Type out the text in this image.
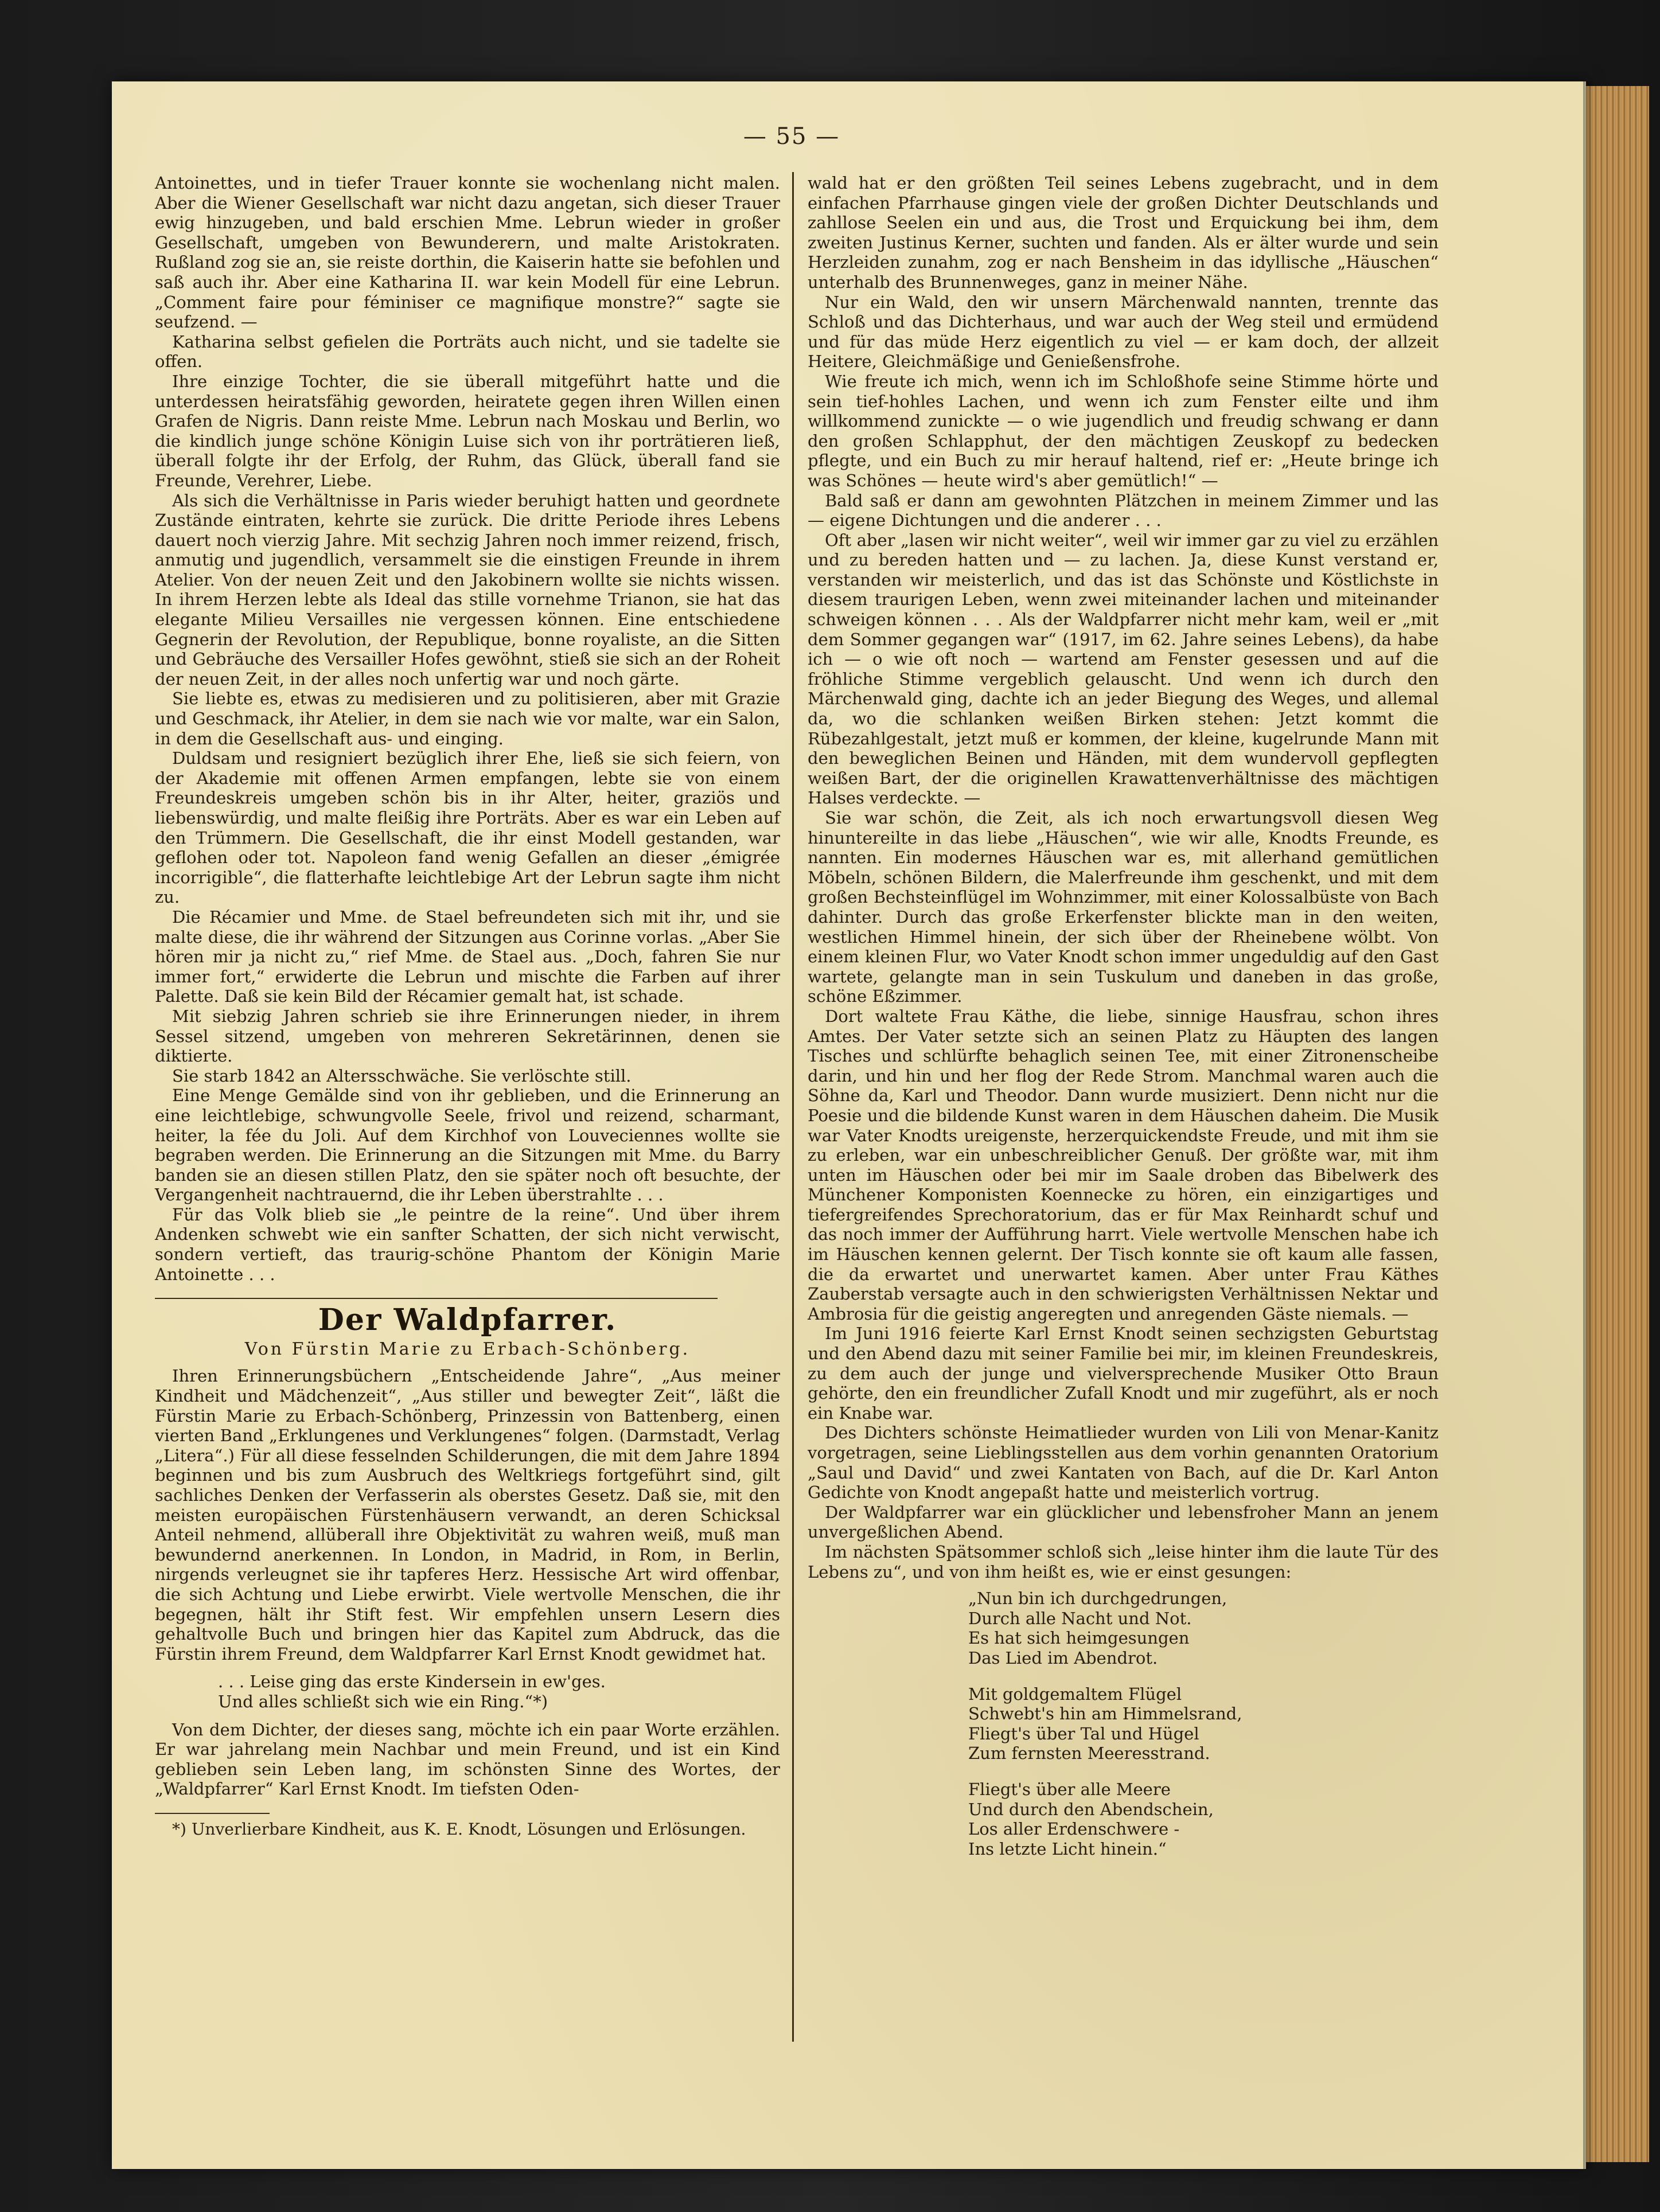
— 55 —

Antoinettes, und in tiefer Trauer konnte sie wochenlang nicht malen. Aber die Wiener Gesellschaft war nicht dazu angetan, sich dieser Trauer ewig hinzugeben, und bald erschien Mme. Lebrun wieder in großer Gesellschaft, umgeben von Bewunderern, und malte Aristokraten. Rußland zog sie an, sie reiste dorthin, die Kaiserin hatte sie befohlen und saß auch ihr. Aber eine Katharina II. war kein Modell für eine Lebrun. „Comment faire pour féminiser ce magnifique monstre?“ sagte sie seufzend. —

Katharina selbst gefielen die Porträts auch nicht, und sie tadelte sie offen.

Ihre einzige Tochter, die sie überall mitgeführt hatte und die unterdessen heiratsfähig geworden, heiratete gegen ihren Willen einen Grafen de Nigris. Dann reiste Mme. Lebrun nach Moskau und Berlin, wo die kindlich junge schöne Königin Luise sich von ihr porträtieren ließ, überall folgte ihr der Erfolg, der Ruhm, das Glück, überall fand sie Freunde, Verehrer, Liebe.

Als sich die Verhältnisse in Paris wieder beruhigt hatten und geordnete Zustände eintraten, kehrte sie zurück. Die dritte Periode ihres Lebens dauert noch vierzig Jahre. Mit sechzig Jahren noch immer reizend, frisch, anmutig und jugendlich, versammelt sie die einstigen Freunde in ihrem Atelier. Von der neuen Zeit und den Jakobinern wollte sie nichts wissen. In ihrem Herzen lebte als Ideal das stille vornehme Trianon, sie hat das elegante Milieu Versailles nie vergessen können. Eine entschiedene Gegnerin der Revolution, der Republique, bonne royaliste, an die Sitten und Gebräuche des Versailler Hofes gewöhnt, stieß sie sich an der Roheit der neuen Zeit, in der alles noch unfertig war und noch gärte.

Sie liebte es, etwas zu medisieren und zu politisieren, aber mit Grazie und Geschmack, ihr Atelier, in dem sie nach wie vor malte, war ein Salon, in dem die Gesellschaft aus- und einging.

Duldsam und resigniert bezüglich ihrer Ehe, ließ sie sich feiern, von der Akademie mit offenen Armen empfangen, lebte sie von einem Freundeskreis umgeben schön bis in ihr Alter, heiter, graziös und liebenswürdig, und malte fleißig ihre Porträts. Aber es war ein Leben auf den Trümmern. Die Gesellschaft, die ihr einst Modell gestanden, war geflohen oder tot. Napoleon fand wenig Gefallen an dieser „émigrée incorrigible“, die flatterhafte leichtlebige Art der Lebrun sagte ihm nicht zu.

Die Récamier und Mme. de Stael befreundeten sich mit ihr, und sie malte diese, die ihr während der Sitzungen aus Corinne vorlas. „Aber Sie hören mir ja nicht zu,“ rief Mme. de Stael aus. „Doch, fahren Sie nur immer fort,“ erwiderte die Lebrun und mischte die Farben auf ihrer Palette. Daß sie kein Bild der Récamier gemalt hat, ist schade.

Mit siebzig Jahren schrieb sie ihre Erinnerungen nieder, in ihrem Sessel sitzend, umgeben von mehreren Sekretärinnen, denen sie diktierte.

Sie starb 1842 an Altersschwäche. Sie verlöschte still.

Eine Menge Gemälde sind von ihr geblieben, und die Erinnerung an eine leichtlebige, schwungvolle Seele, frivol und reizend, scharmant, heiter, la fée du Joli. Auf dem Kirchhof von Louveciennes wollte sie begraben werden. Die Erinnerung an die Sitzungen mit Mme. du Barry banden sie an diesen stillen Platz, den sie später noch oft besuchte, der Vergangenheit nachtrauernd, die ihr Leben überstrahlte . . .

Für das Volk blieb sie „le peintre de la reine“. Und über ihrem Andenken schwebt wie ein sanfter Schatten, der sich nicht verwischt, sondern vertieft, das traurig-schöne Phantom der Königin Marie Antoinette . . .

Der Waldpfarrer.
Von Fürstin Marie zu Erbach-Schönberg.

Ihren Erinnerungsbüchern „Entscheidende Jahre“, „Aus meiner Kindheit und Mädchenzeit“, „Aus stiller und bewegter Zeit“, läßt die Fürstin Marie zu Erbach-Schönberg, Prinzessin von Battenberg, einen vierten Band „Erklungenes und Verklungenes“ folgen. (Darmstadt, Verlag „Litera“.) Für all diese fesselnden Schilderungen, die mit dem Jahre 1894 beginnen und bis zum Ausbruch des Weltkriegs fortgeführt sind, gilt sachliches Denken der Verfasserin als oberstes Gesetz. Daß sie, mit den meisten europäischen Fürstenhäusern verwandt, an deren Schicksal Anteil nehmend, allüberall ihre Objektivität zu wahren weiß, muß man bewundernd anerkennen. In London, in Madrid, in Rom, in Berlin, nirgends verleugnet sie ihr tapferes Herz. Hessische Art wird offenbar, die sich Achtung und Liebe erwirbt. Viele wertvolle Menschen, die ihr begegnen, hält ihr Stift fest. Wir empfehlen unsern Lesern dies gehaltvolle Buch und bringen hier das Kapitel zum Abdruck, das die Fürstin ihrem Freund, dem Waldpfarrer Karl Ernst Knodt gewidmet hat.

. . . Leise ging das erste Kindersein in ew'ges.
Und alles schließt sich wie ein Ring.“*)

Von dem Dichter, der dieses sang, möchte ich ein paar Worte erzählen. Er war jahrelang mein Nachbar und mein Freund, und ist ein Kind geblieben sein Leben lang, im schönsten Sinne des Wortes, der „Waldpfarrer“ Karl Ernst Knodt. Im tiefsten Oden-

*) Unverlierbare Kindheit, aus K. E. Knodt, Lösungen und Erlösungen.

wald hat er den größten Teil seines Lebens zugebracht, und in dem einfachen Pfarrhause gingen viele der großen Dichter Deutschlands und zahllose Seelen ein und aus, die Trost und Erquickung bei ihm, dem zweiten Justinus Kerner, suchten und fanden. Als er älter wurde und sein Herzleiden zunahm, zog er nach Bensheim in das idyllische „Häuschen“ unterhalb des Brunnenweges, ganz in meiner Nähe.

Nur ein Wald, den wir unsern Märchenwald nannten, trennte das Schloß und das Dichterhaus, und war auch der Weg steil und ermüdend und für das müde Herz eigentlich zu viel — er kam doch, der allzeit Heitere, Gleichmäßige und Genießensfrohe.

Wie freute ich mich, wenn ich im Schloßhofe seine Stimme hörte und sein tief-hohles Lachen, und wenn ich zum Fenster eilte und ihm willkommend zunickte — o wie jugendlich und freudig schwang er dann den großen Schlapphut, der den mächtigen Zeuskopf zu bedecken pflegte, und ein Buch zu mir herauf haltend, rief er: „Heute bringe ich was Schönes — heute wird's aber gemütlich!“ —

Bald saß er dann am gewohnten Plätzchen in meinem Zimmer und las — eigene Dichtungen und die anderer . . .

Oft aber „lasen wir nicht weiter“, weil wir immer gar zu viel zu erzählen und zu bereden hatten und — zu lachen. Ja, diese Kunst verstand er, verstanden wir meisterlich, und das ist das Schönste und Köstlichste in diesem traurigen Leben, wenn zwei miteinander lachen und miteinander schweigen können . . . Als der Waldpfarrer nicht mehr kam, weil er „mit dem Sommer gegangen war“ (1917, im 62. Jahre seines Lebens), da habe ich — o wie oft noch — wartend am Fenster gesessen und auf die fröhliche Stimme vergeblich gelauscht. Und wenn ich durch den Märchenwald ging, dachte ich an jeder Biegung des Weges, und allemal da, wo die schlanken weißen Birken stehen: Jetzt kommt die Rübezahlgestalt, jetzt muß er kommen, der kleine, kugelrunde Mann mit den beweglichen Beinen und Händen, mit dem wundervoll gepflegten weißen Bart, der die originellen Krawattenverhältnisse des mächtigen Halses verdeckte. —

Sie war schön, die Zeit, als ich noch erwartungsvoll diesen Weg hinuntereilte in das liebe „Häuschen“, wie wir alle, Knodts Freunde, es nannten. Ein modernes Häuschen war es, mit allerhand gemütlichen Möbeln, schönen Bildern, die Malerfreunde ihm geschenkt, und mit dem großen Bechsteinflügel im Wohnzimmer, mit einer Kolossalbüste von Bach dahinter. Durch das große Erkerfenster blickte man in den weiten, westlichen Himmel hinein, der sich über der Rheinebene wölbt. Von einem kleinen Flur, wo Vater Knodt schon immer ungeduldig auf den Gast wartete, gelangte man in sein Tuskulum und daneben in das große, schöne Eßzimmer.

Dort waltete Frau Käthe, die liebe, sinnige Hausfrau, schon ihres Amtes. Der Vater setzte sich an seinen Platz zu Häupten des langen Tisches und schlürfte behaglich seinen Tee, mit einer Zitronenscheibe darin, und hin und her flog der Rede Strom. Manchmal waren auch die Söhne da, Karl und Theodor. Dann wurde musiziert. Denn nicht nur die Poesie und die bildende Kunst waren in dem Häuschen daheim. Die Musik war Vater Knodts ureigenste, herzerquickendste Freude, und mit ihm sie zu erleben, war ein unbeschreiblicher Genuß. Der größte war, mit ihm unten im Häuschen oder bei mir im Saale droben das Bibelwerk des Münchener Komponisten Koennecke zu hören, ein einzigartiges und tiefergreifendes Sprechoratorium, das er für Max Reinhardt schuf und das noch immer der Aufführung harrt. Viele wertvolle Menschen habe ich im Häuschen kennen gelernt. Der Tisch konnte sie oft kaum alle fassen, die da erwartet und unerwartet kamen. Aber unter Frau Käthes Zauberstab versagte auch in den schwierigsten Verhältnissen Nektar und Ambrosia für die geistig angeregten und anregenden Gäste niemals. —

Im Juni 1916 feierte Karl Ernst Knodt seinen sechzigsten Geburtstag und den Abend dazu mit seiner Familie bei mir, im kleinen Freundeskreis, zu dem auch der junge und vielversprechende Musiker Otto Braun gehörte, den ein freundlicher Zufall Knodt und mir zugeführt, als er noch ein Knabe war.

Des Dichters schönste Heimatlieder wurden von Lili von Menar-Kanitz vorgetragen, seine Lieblingsstellen aus dem vorhin genannten Oratorium „Saul und David“ und zwei Kantaten von Bach, auf die Dr. Karl Anton Gedichte von Knodt angepaßt hatte und meisterlich vortrug.

Der Waldpfarrer war ein glücklicher und lebensfroher Mann an jenem unvergeßlichen Abend.

Im nächsten Spätsommer schloß sich „leise hinter ihm die laute Tür des Lebens zu“, und von ihm heißt es, wie er einst gesungen:

„Nun bin ich durchgedrungen,
Durch alle Nacht und Not.
Es hat sich heimgesungen
Das Lied im Abendrot.
Mit goldgemaltem Flügel
Schwebt's hin am Himmelsrand,
Fliegt's über Tal und Hügel
Zum fernsten Meeresstrand.
Fliegt's über alle Meere
Und durch den Abendschein,
Los aller Erdenschwere -
Ins letzte Licht hinein.“
